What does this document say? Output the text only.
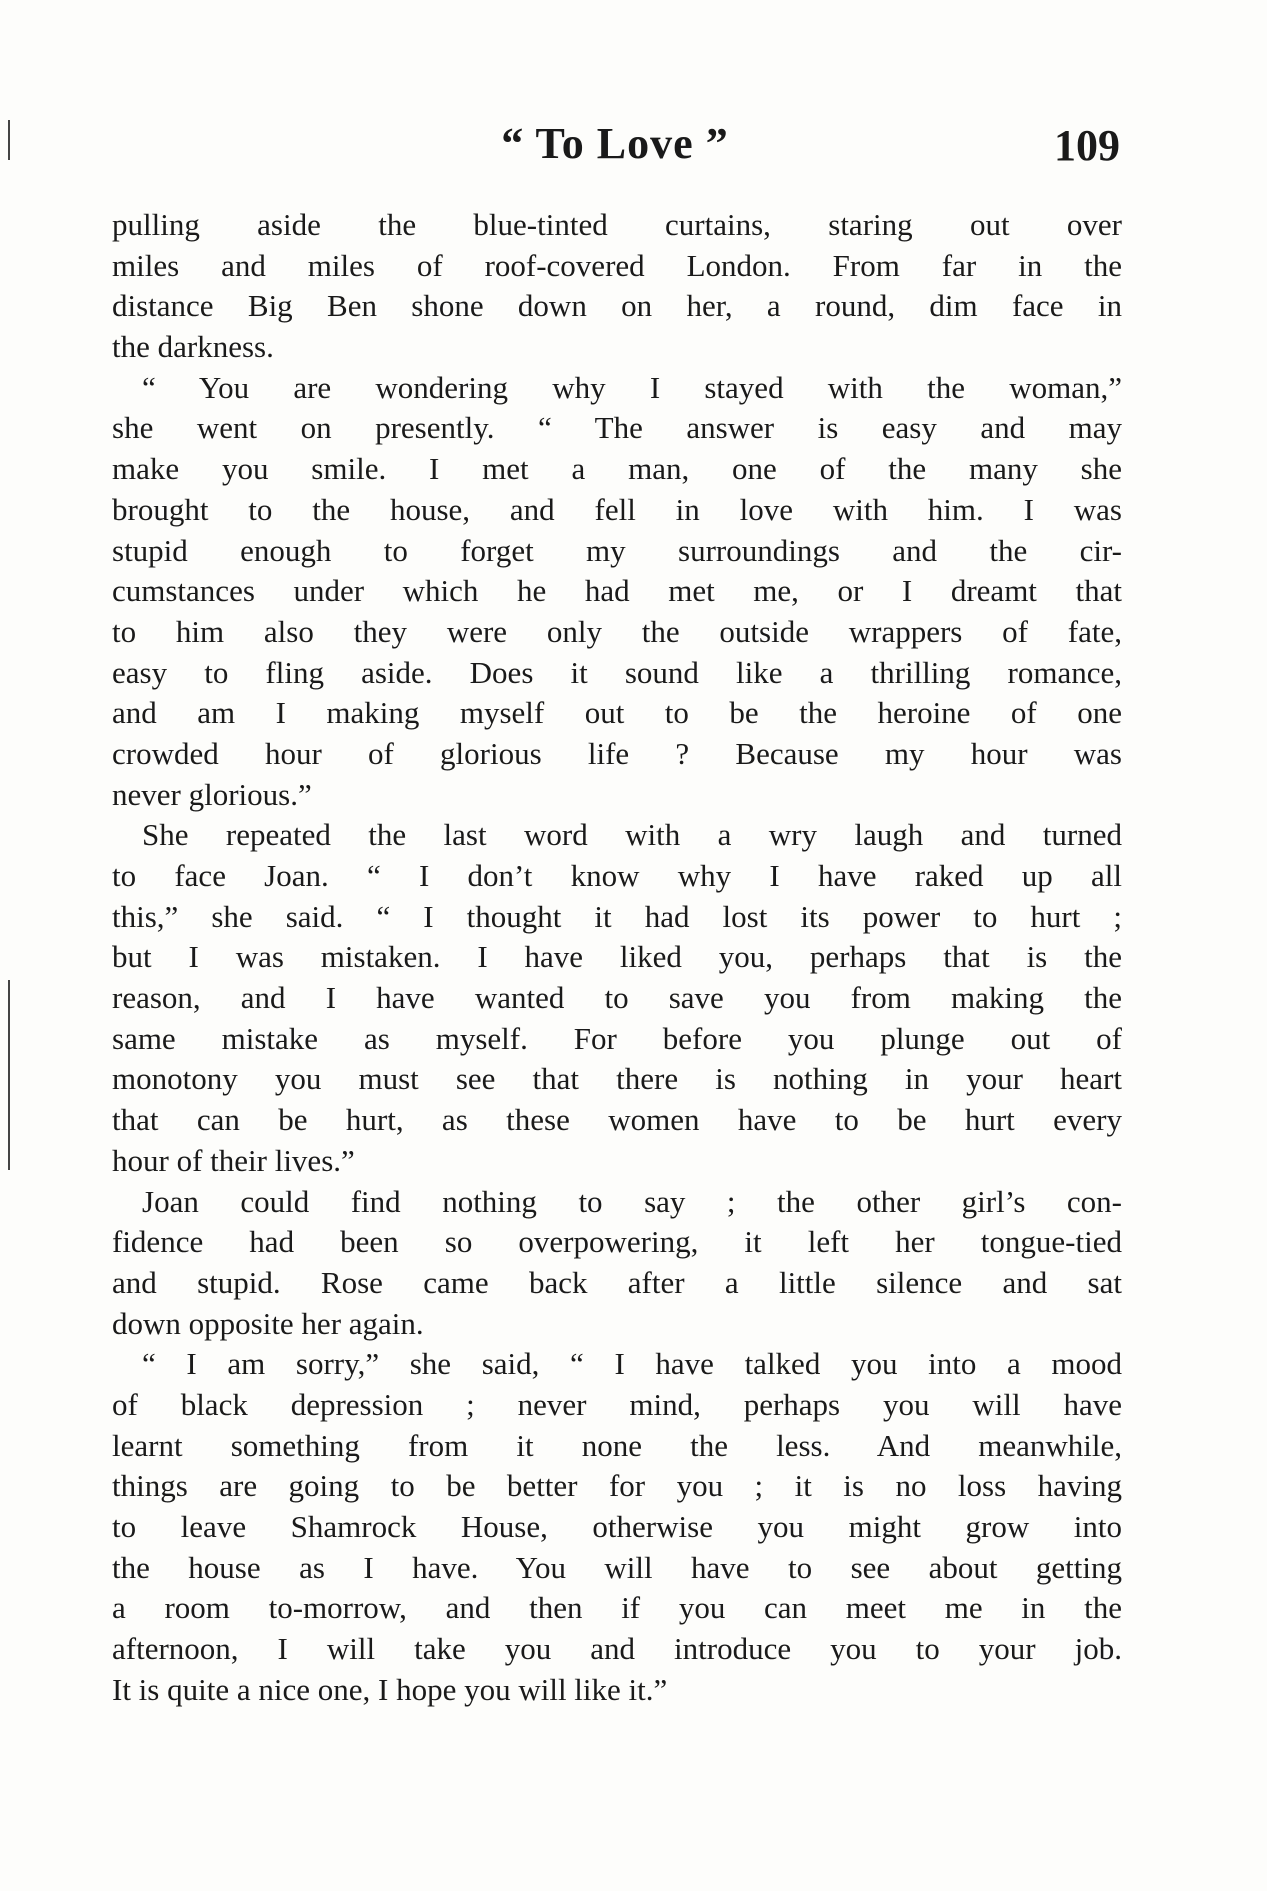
“ To Love ”	109
pulling aside the blue-tinted curtains, staring out over
miles and miles of roof-covered London. From far in the
distance Big Ben shone down on her, a round, dim face in
the darkness.
“ You are wondering why I stayed with the woman,”
she went on presently. “ The answer is easy and may
make you smile. I met a man, one of the many she
brought to the house, and fell in love with him. I was
stupid enough to forget my surroundings and the cir-
cumstances under which he had met me, or I dreamt that
to him also they were only the outside wrappers of fate,
easy to fling aside. Does it sound like a thrilling romance,
and am I making myself out to be the heroine of one
crowded hour of glorious life ? Because my hour was
never glorious.”
She repeated the last word with a wry laugh and turned
to face Joan. “ I don’t know why I have raked up all
this,” she said. “ I thought it had lost its power to hurt ;
but I was mistaken. I have liked you, perhaps that is the
reason, and I have wanted to save you from making the
same mistake as myself. For before you plunge out of
monotony you must see that there is nothing in your heart
that can be hurt, as these women have to be hurt every
hour of their lives.”
Joan could find nothing to say ; the other girl’s con-
fidence had been so overpowering, it left her tongue-tied
and stupid. Rose came back after a little silence and sat
down opposite her again.
“ I am sorry,” she said, “ I have talked you into a mood
of black depression ; never mind, perhaps you will have
learnt something from it none the less. And meanwhile,
things are going to be better for you ; it is no loss having
to leave Shamrock House, otherwise you might grow into
the house as I have. You will have to see about getting
a room to-morrow, and then if you can meet me in the
afternoon, I will take you and introduce you to your job.
It is quite a nice one, I hope you will like it.”
